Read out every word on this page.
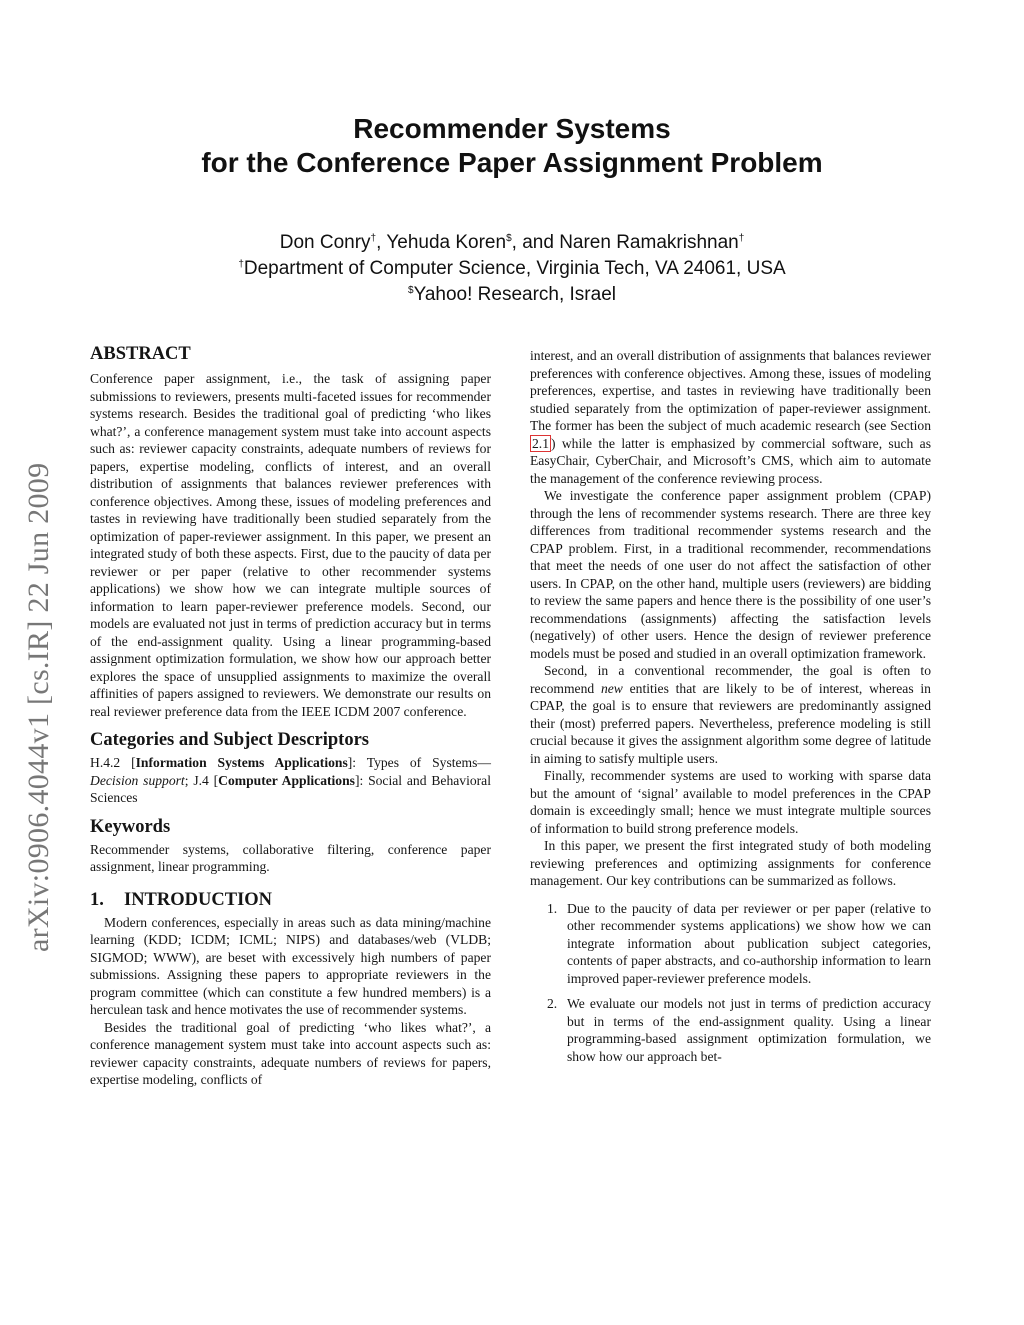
Recommender Systems
for the Conference Paper Assignment Problem
Don Conry†, Yehuda Koren$, and Naren Ramakrishnan†
†Department of Computer Science, Virginia Tech, VA 24061, USA
$Yahoo! Research, Israel
arXiv:0906.4044v1 [cs.IR] 22 Jun 2009
ABSTRACT

Conference paper assignment, i.e., the task of assigning paper submissions to reviewers, presents multi-faceted issues for recommender systems research. Besides the traditional goal of predicting ‘who likes what?’, a conference management system must take into account aspects such as: reviewer capacity constraints, adequate numbers of reviews for papers, expertise modeling, conflicts of interest, and an overall distribution of assignments that balances reviewer preferences with conference objectives. Among these, issues of modeling preferences and tastes in reviewing have traditionally been studied separately from the optimization of paper-reviewer assignment. In this paper, we present an integrated study of both these aspects. First, due to the paucity of data per reviewer or per paper (relative to other recommender systems applications) we show how we can integrate multiple sources of information to learn paper-reviewer preference models. Second, our models are evaluated not just in terms of prediction accuracy but in terms of the end-assignment quality. Using a linear programming-based assignment optimization formulation, we show how our approach better explores the space of unsupplied assignments to maximize the overall affinities of papers assigned to reviewers. We demonstrate our results on real reviewer preference data from the IEEE ICDM 2007 conference.

Categories and Subject Descriptors

H.4.2 [Information Systems Applications]: Types of Systems—Decision support; J.4 [Computer Applications]: Social and Behavioral Sciences

Keywords

Recommender systems, collaborative filtering, conference paper assignment, linear programming.

1. INTRODUCTION

Modern conferences, especially in areas such as data mining/machine learning (KDD; ICDM; ICML; NIPS) and databases/web (VLDB; SIGMOD; WWW), are beset with excessively high numbers of paper submissions. Assigning these papers to appropriate reviewers in the program committee (which can constitute a few hundred members) is a herculean task and hence motivates the use of recommender systems.

Besides the traditional goal of predicting ‘who likes what?’, a conference management system must take into account aspects such as: reviewer capacity constraints, adequate numbers of reviews for papers, expertise modeling, conflicts of

interest, and an overall distribution of assignments that balances reviewer preferences with conference objectives. Among these, issues of modeling preferences, expertise, and tastes in reviewing have traditionally been studied separately from the optimization of paper-reviewer assignment. The former has been the subject of much academic research (see Section 2.1 ) while the latter is emphasized by commercial software, such as EasyChair, CyberChair, and Microsoft’s CMS, which aim to automate the management of the conference reviewing process.

We investigate the conference paper assignment problem (CPAP) through the lens of recommender systems research. There are three key differences from traditional recommender systems research and the CPAP problem. First, in a traditional recommender, recommendations that meet the needs of one user do not affect the satisfaction of other users. In CPAP, on the other hand, multiple users (reviewers) are bidding to review the same papers and hence there is the possibility of one user’s recommendations (assignments) affecting the satisfaction levels (negatively) of other users. Hence the design of reviewer preference models must be posed and studied in an overall optimization framework.

Second, in a conventional recommender, the goal is often to recommend new entities that are likely to be of interest, whereas in CPAP, the goal is to ensure that reviewers are predominantly assigned their (most) preferred papers. Nevertheless, preference modeling is still crucial because it gives the assignment algorithm some degree of latitude in aiming to satisfy multiple users.

Finally, recommender systems are used to working with sparse data but the amount of ‘signal’ available to model preferences in the CPAP domain is exceedingly small; hence we must integrate multiple sources of information to build strong preference models.

In this paper, we present the first integrated study of both modeling reviewing preferences and optimizing assignments for conference management. Our key contributions can be summarized as follows.

1. Due to the paucity of data per reviewer or per paper (relative to other recommender systems applications) we show how we can integrate information about publication subject categories, contents of paper abstracts, and co-authorship information to learn improved paper-reviewer preference models.
2. We evaluate our models not just in terms of prediction accuracy but in terms of the end-assignment quality. Using a linear programming-based assignment optimization formulation, we show how our approach bet-
